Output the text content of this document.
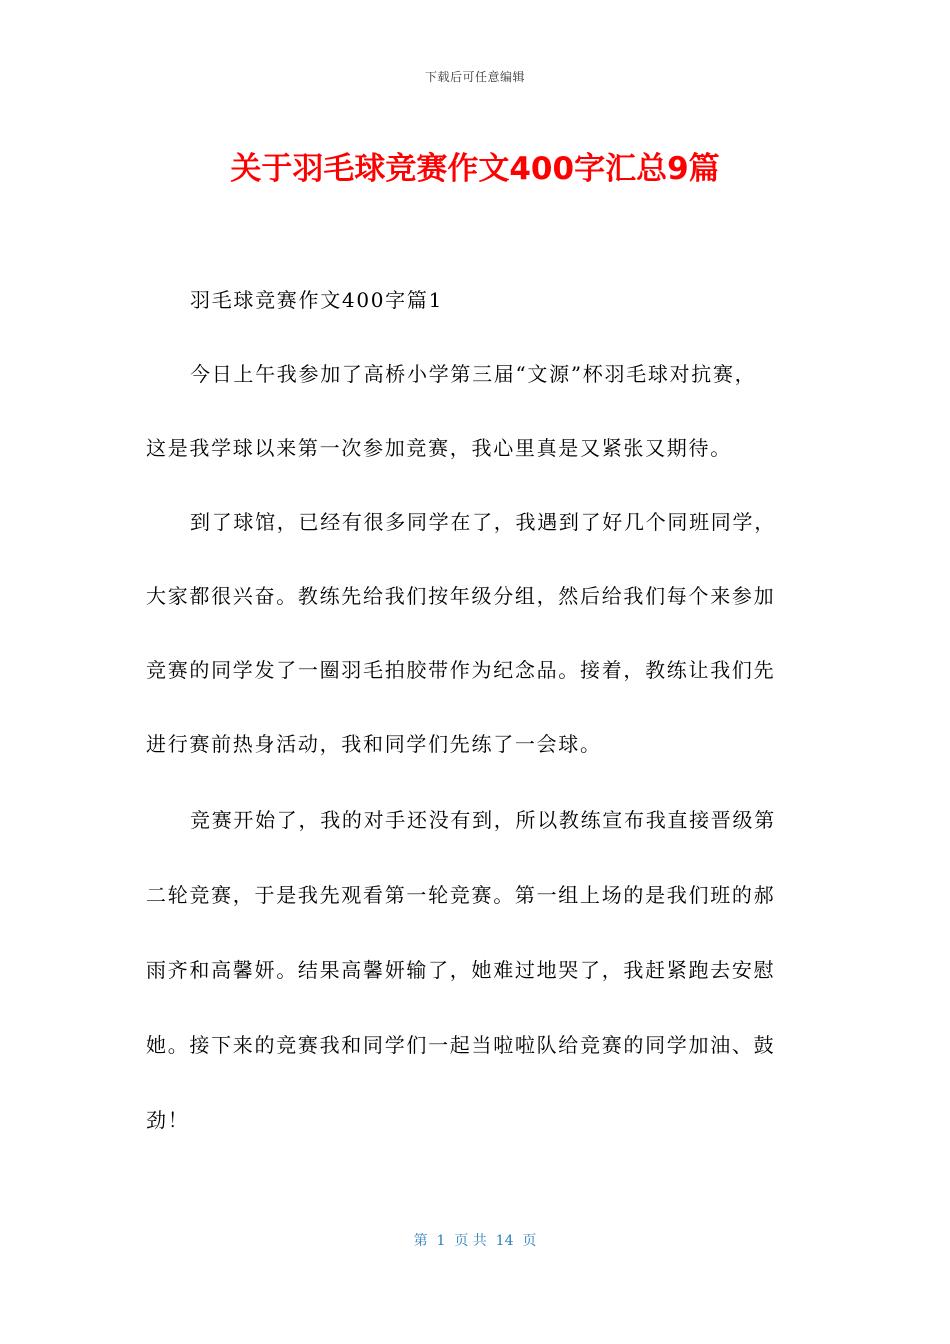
下载后可任意编辑
关于羽毛球竞赛作文400字汇总9篇
羽毛球竞赛作文400字篇1
今日上午我参加了高桥小学第三届“文源”杯羽毛球对抗赛，
这是我学球以来第一次参加竞赛，我心里真是又紧张又期待。
到了球馆，已经有很多同学在了，我遇到了好几个同班同学，
大家都很兴奋。教练先给我们按年级分组，然后给我们每个来参加
竞赛的同学发了一圈羽毛拍胶带作为纪念品。接着，教练让我们先
进行赛前热身活动，我和同学们先练了一会球。
竞赛开始了，我的对手还没有到，所以教练宣布我直接晋级第
二轮竞赛，于是我先观看第一轮竞赛。第一组上场的是我们班的郝
雨齐和高馨妍。结果高馨妍输了，她难过地哭了，我赶紧跑去安慰
她。接下来的竞赛我和同学们一起当啦啦队给竞赛的同学加油、鼓
劲！
第  1  页 共  14  页
